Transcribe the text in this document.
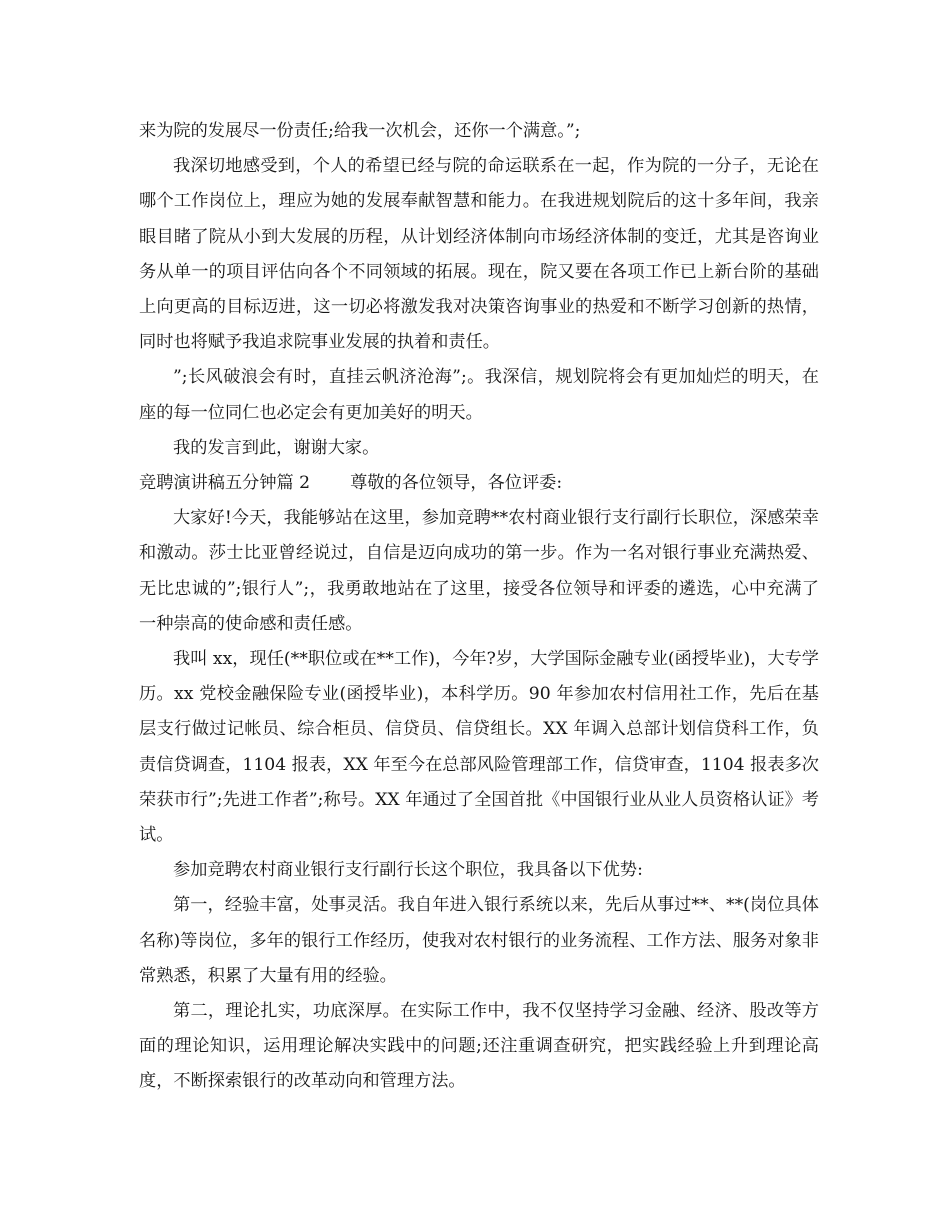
来为院的发展尽一份责任;给我一次机会，还你一个满意。”;

我深切地感受到，个人的希望已经与院的命运联系在一起，作为院的一分子，无论在哪个工作岗位上，理应为她的发展奉献智慧和能力。在我进规划院后的这十多年间，我亲眼目睹了院从小到大发展的历程，从计划经济体制向市场经济体制的变迁，尤其是咨询业务从单一的项目评估向各个不同领域的拓展。现在，院又要在各项工作已上新台阶的基础上向更高的目标迈进，这一切必将激发我对决策咨询事业的热爱和不断学习创新的热情，同时也将赋予我追求院事业发展的执着和责任。

”;长风破浪会有时，直挂云帆济沧海”;。我深信，规划院将会有更加灿烂的明天，在座的每一位同仁也必定会有更加美好的明天。

我的发言到此，谢谢大家。

竞聘演讲稿五分钟篇 2 尊敬的各位领导，各位评委:

大家好!今天，我能够站在这里，参加竞聘**农村商业银行支行副行长职位，深感荣幸和激动。莎士比亚曾经说过，自信是迈向成功的第一步。作为一名对银行事业充满热爱、无比忠诚的”;银行人”;，我勇敢地站在了这里，接受各位领导和评委的遴选，心中充满了一种崇高的使命感和责任感。

我叫 xx，现任(**职位或在**工作)，今年?岁，大学国际金融专业(函授毕业)，大专学历。xx 党校金融保险专业(函授毕业)，本科学历。90 年参加农村信用社工作，先后在基层支行做过记帐员、综合柜员、信贷员、信贷组长。XX 年调入总部计划信贷科工作，负责信贷调查，1104 报表，XX 年至今在总部风险管理部工作，信贷审查，1104 报表多次荣获市行”;先进工作者”;称号。XX 年通过了全国首批《中国银行业从业人员资格认证》考试。

参加竞聘农村商业银行支行副行长这个职位，我具备以下优势:

第一，经验丰富，处事灵活。我自年进入银行系统以来，先后从事过**、**(岗位具体名称)等岗位，多年的银行工作经历，使我对农村银行的业务流程、工作方法、服务对象非常熟悉，积累了大量有用的经验。

第二，理论扎实，功底深厚。在实际工作中，我不仅坚持学习金融、经济、股改等方面的理论知识，运用理论解决实践中的问题;还注重调查研究，把实践经验上升到理论高度，不断探索银行的改革动向和管理方法。
